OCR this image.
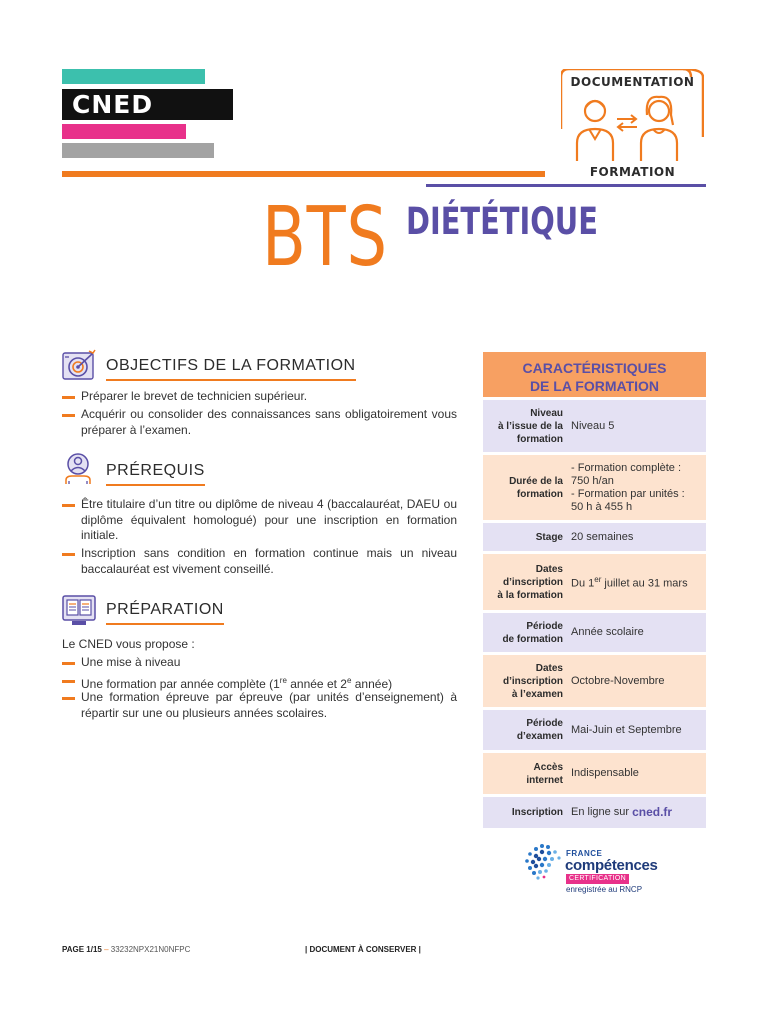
CNED
DOCUMENTATION
FORMATION
BTS DIÉTÉTIQUE
OBJECTIFS DE LA FORMATION
Préparer le brevet de technicien supérieur.
Acquérir ou consolider des connaissances sans obligatoirement vous préparer à l’examen.
PRÉREQUIS
Être titulaire d’un titre ou diplôme de niveau 4 (baccalauréat, DAEU ou diplôme équivalent homologué) pour une inscription en formation initiale.
Inscription sans condition en formation continue mais un niveau baccalauréat est vivement conseillé.
PRÉPARATION
Le CNED vous propose :
Une mise à niveau
Une formation par année complète (1re année et 2e année)
Une formation épreuve par épreuve (par unités d’enseignement) à répartir sur une ou plusieurs années scolaires.
CARACTÉRISTIQUES
DE LA FORMATION
Niveau
à l’issue de la
formation
Niveau 5
Durée de la
formation
- Formation complète :
750 h/an
- Formation par unités :
50 h à 455 h
Stage 20 semaines
Dates
d’inscription
à la formation
Du 1er juillet au 31 mars
Période
de formation
Année scolaire
Dates
d’inscription
à l’examen
Octobre-Novembre
Période
d’examen
Mai-Juin et Septembre
Accès
internet
Indispensable
Inscription En ligne sur cned.fr
FRANCE
compétences
CERTIFICATION
enregistrée au RNCP
PAGE 1/15 – 33232NPX21N0NFPC	| DOCUMENT À CONSERVER |
